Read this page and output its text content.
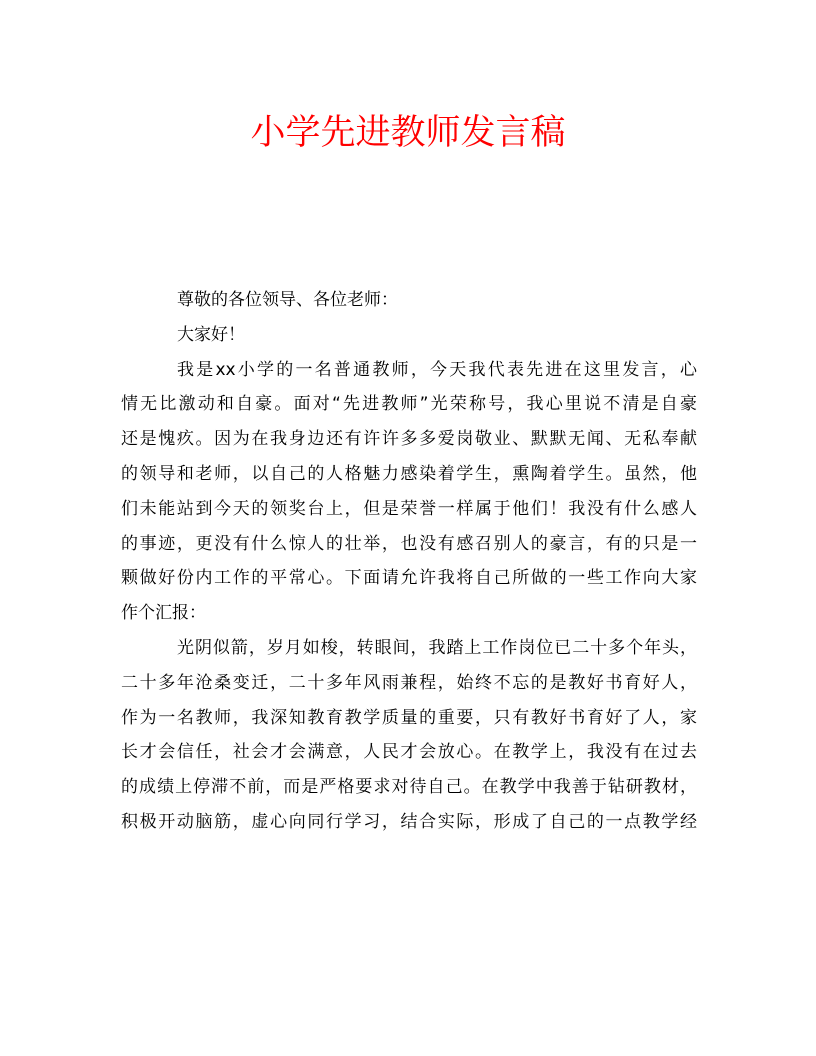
小学先进教师发言稿
尊敬的各位领导、各位老师：
大家好！
我是xx小学的一名普通教师，今天我代表先进在这里发言，心
情无比激动和自豪。面对“先进教师”光荣称号，我心里说不清是自豪
还是愧疚。因为在我身边还有许许多多爱岗敬业、默默无闻、无私奉献
的领导和老师，以自己的人格魅力感染着学生，熏陶着学生。虽然，他
们未能站到今天的领奖台上，但是荣誉一样属于他们！我没有什么感人
的事迹，更没有什么惊人的壮举，也没有感召别人的豪言，有的只是一
颗做好份内工作的平常心。下面请允许我将自己所做的一些工作向大家
作个汇报：
光阴似箭，岁月如梭，转眼间，我踏上工作岗位已二十多个年头，
二十多年沧桑变迁，二十多年风雨兼程，始终不忘的是教好书育好人，
作为一名教师，我深知教育教学质量的重要，只有教好书育好了人，家
长才会信任，社会才会满意，人民才会放心。在教学上，我没有在过去
的成绩上停滞不前，而是严格要求对待自己。在教学中我善于钻研教材，
积极开动脑筋，虚心向同行学习，结合实际，形成了自己的一点教学经
